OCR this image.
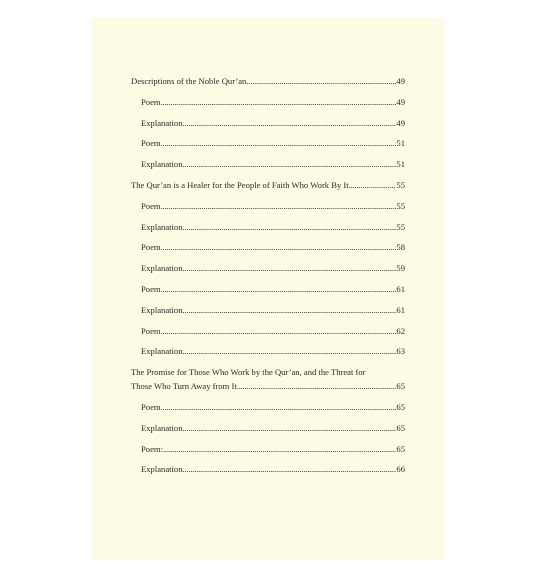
Descriptions of the Noble Qur’an .....	49
Poem .....	49
Explanation .....	49
Poem .....	51
Explanation .....	51
The Qur’an is a Healer for the People of Faith Who Work By It .....	55
Poem .....	55
Explanation .....	55
Poem .....	58
Explanation .....	59
Poem .....	61
Explanation .....	61
Poem .....	62
Explanation .....	63
The Promise for Those Who Work by the Qur’an, and the Threat for
Those Who Turn Away from It .....	65
Poem .....	65
Explanation .....	65
Poem: .....	65
Explanation .....	66
